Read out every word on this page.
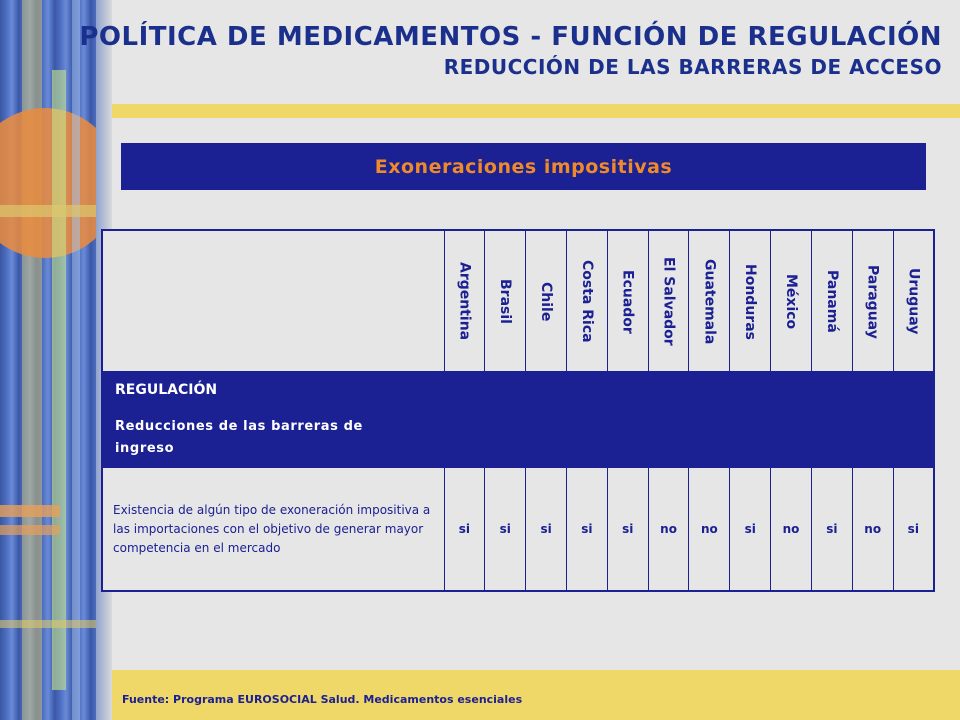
POLÍTICA DE MEDICAMENTOS - FUNCIÓN DE REGULACIÓN
REDUCCIÓN DE LAS BARRERAS DE ACCESO
Exoneraciones impositivas

	Argentina	Brasil	Chile	Costa Rica	Ecuador	El Salvador	Guatemala	Honduras	México	Panamá	Paraguay	Uruguay

REGULACIÓN												
Reducciones de las barreras de ingreso												
Existencia de algún tipo de exoneración impositiva a las importaciones con el objetivo de generar mayor competencia en el mercado	si	si	si	si	si	no	no	si	no	si	no	si
Fuente: Programa EUROSOCIAL Salud. Medicamentos esenciales
